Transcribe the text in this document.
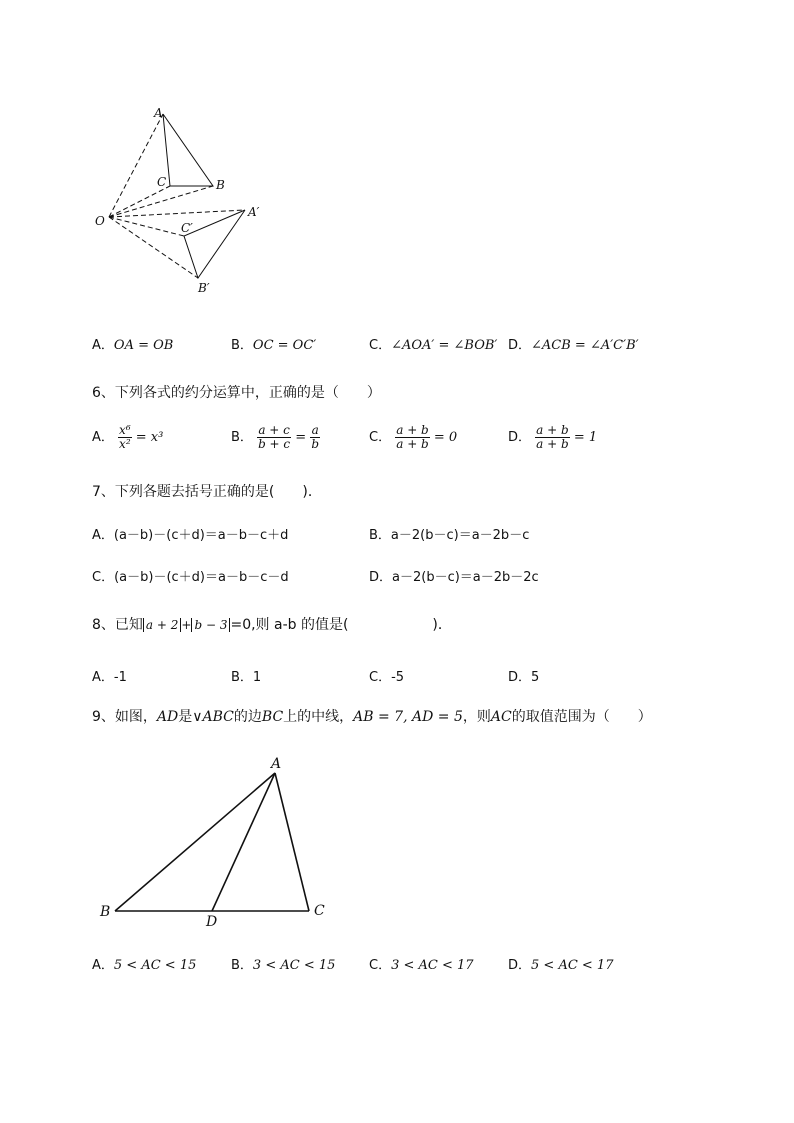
A
C	B
O
A′
C′
B′
A．OA = OB	B．OC = OC′	C．∠AOA′ = ∠BOB′ D．∠ACB = ∠A′C′B′
6、下列各式的约分运算中，正确的是（　　）
A． $\frac{\text{x⁶}}{\text{x²}} = x^3$	B． $\frac{a + c}{b + c} = \frac{a}{b}$	C． $\frac{a + b}{a + b} = 0$	D． $\frac{a + b}{a + b} = 1$
7、下列各题去括号正确的是(　　)．
A．(a－b)－(c＋d)＝a－b－c＋d	B．a－2(b－c)＝a－2b－c
C．(a－b)－(c＋d)＝a－b－c－d	D．a－2(b－c)＝a－2b－2c
8、已知 a + 2 + b − 3 =0,则 a-b 的值是(　　　　　　)．
A．-1	B．1	C．-5	D．5
9、如图，AD是∨ABC的边BC上的中线，AB = 7, AD = 5，则AC的取值范围为（　　）
A
B	C
D
A．5 < AC < 15	B．3 < AC < 15	C．3 < AC < 17	D．5 < AC < 17
